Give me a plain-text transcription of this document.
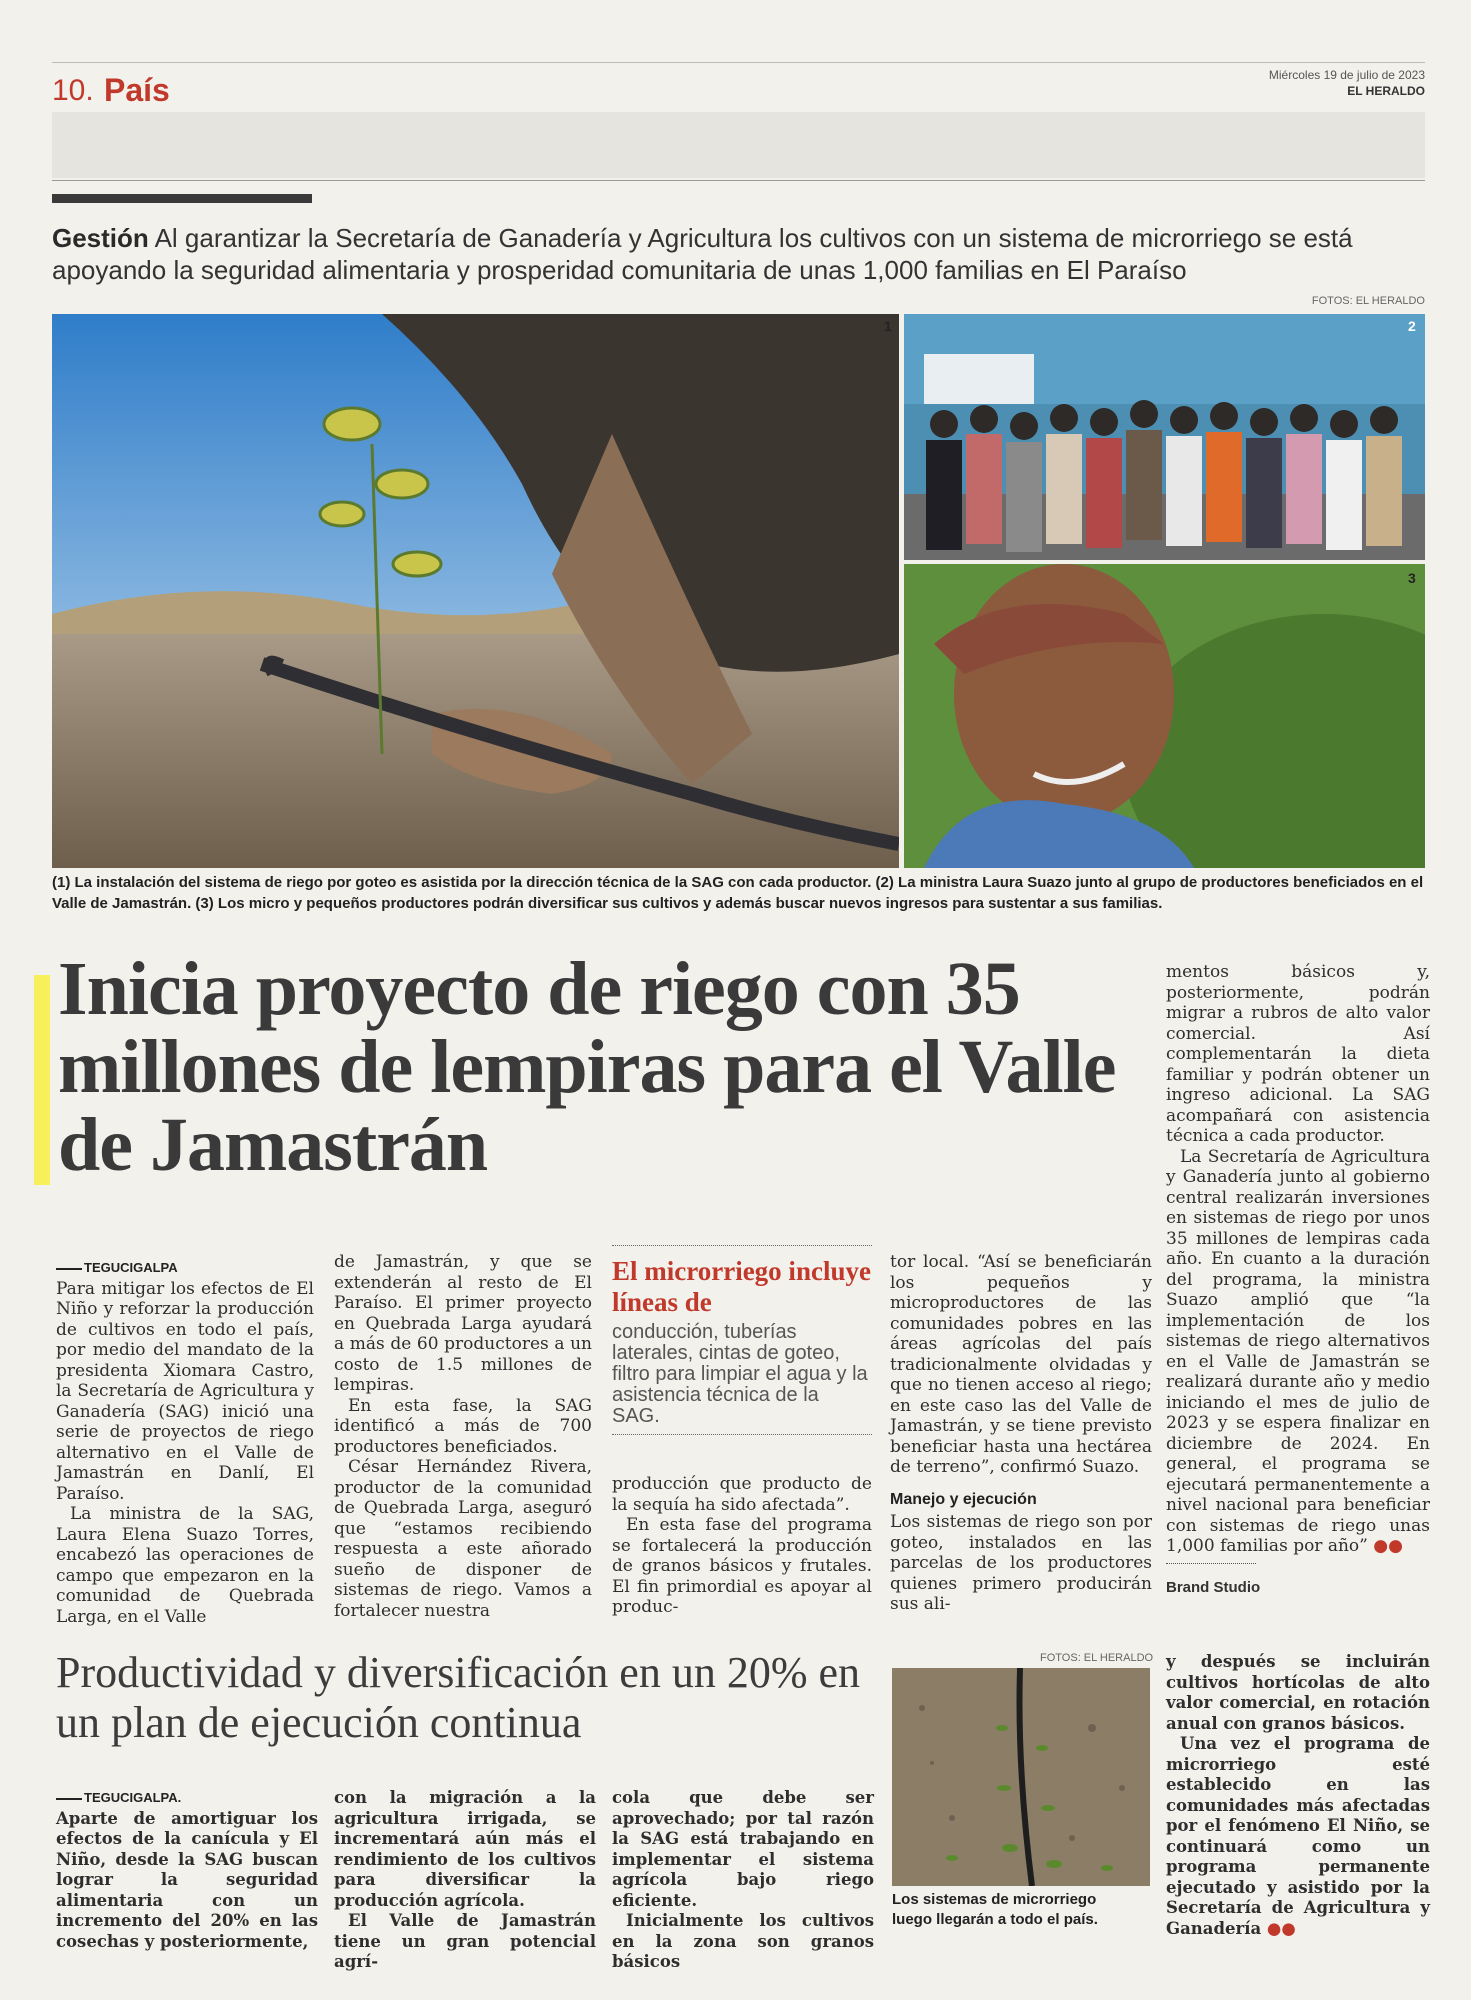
10. País	Miércoles 19 de julio de 2023
EL HERALDO
Gestión Al garantizar la Secretaría de Ganadería y Agricultura los cultivos con un sistema de microrriego se está apoyando la seguridad alimentaria y prosperidad comunitaria de unas 1,000 familias en El Paraíso
FOTOS: EL HERALDO
1	2
3
(1) La instalación del sistema de riego por goteo es asistida por la dirección técnica de la SAG con cada productor. (2) La ministra Laura Suazo junto al grupo de productores beneficiados en el Valle de Jamastrán. (3) Los micro y pequeños productores podrán diversificar sus cultivos y además buscar nuevos ingresos para sustentar a sus familias.
Inicia proyecto de riego con 35 millones de lempiras para el Valle de Jamastrán
TEGUCIGALPA

Para mitigar los efectos de El Niño y reforzar la producción de cultivos en todo el país, por medio del mandato de la presidenta Xiomara Castro, la Secretaría de Agricultura y Ganadería (SAG) inició una serie de proyectos de riego alternativo en el Valle de Jamastrán en Danlí, El Paraíso.

La ministra de la SAG, Laura Elena Suazo Torres, encabezó las operaciones de campo que empezaron en la comunidad de Quebrada Larga, en el Valle

de Jamastrán, y que se extenderán al resto de El Paraíso. El primer proyecto en Quebrada Larga ayudará a más de 60 productores a un costo de 1.5 millones de lempiras.

En esta fase, la SAG identificó a más de 700 productores beneficiados.

César Hernández Rivera, productor de la comunidad de Quebrada Larga, aseguró que “estamos recibiendo respuesta a este añorado sueño de disponer de sistemas de riego. Vamos a fortalecer nuestra

El microrriego incluye líneas de
conducción, tuberías laterales, cintas de goteo, filtro para limpiar el agua y la asistencia técnica de la SAG.

producción que producto de la sequía ha sido afectada”.

En esta fase del programa se fortalecerá la producción de granos básicos y frutales. El fin primordial es apoyar al produc-

tor local. “Así se beneficiarán los pequeños y microproductores de las comunidades pobres en las áreas agrícolas del país tradicionalmente olvidadas y que no tienen acceso al riego; en este caso las del Valle de Jamastrán, y se tiene previsto beneficiar hasta una hectárea de terreno”, confirmó Suazo.

Manejo y ejecución

Los sistemas de riego son por goteo, instalados en las parcelas de los productores quienes primero producirán sus ali-

mentos básicos y, posteriormente, podrán migrar a rubros de alto valor comercial. Así complementarán la dieta familiar y podrán obtener un ingreso adicional. La SAG acompañará con asistencia técnica a cada productor.

La Secretaría de Agricultura y Ganadería junto al gobierno central realizarán inversiones en sistemas de riego por unos 35 millones de lempiras cada año. En cuanto a la duración del programa, la ministra Suazo amplió que “la implementación de los sistemas de riego alternativos en el Valle de Jamastrán se realizará durante año y medio iniciando el mes de julio de 2023 y se espera finalizar en diciembre de 2024. En general, el programa se ejecutará permanentemente a nivel nacional para beneficiar con sistemas de riego unas 1,000 familias por año” ●●

Brand Studio
Productividad y diversificación en un 20% en un plan de ejecución continua
TEGUCIGALPA.

Aparte de amortiguar los efectos de la canícula y El Niño, desde la SAG buscan lograr la seguridad alimentaria con un incremento del 20% en las cosechas y posteriormente,

con la migración a la agricultura irrigada, se incrementará aún más el rendimiento de los cultivos para diversificar la producción agrícola.

El Valle de Jamastrán tiene un gran potencial agrí-

cola que debe ser aprovechado; por tal razón la SAG está trabajando en implementar el sistema agrícola bajo riego eficiente.

Inicialmente los cultivos en la zona son granos básicos

FOTOS: EL HERALDO
Los sistemas de microrriego luego llegarán a todo el país.

y después se incluirán cultivos hortícolas de alto valor comercial, en rotación anual con granos básicos.

Una vez el programa de microrriego esté establecido en las comunidades más afectadas por el fenómeno El Niño, se continuará como un programa permanente ejecutado y asistido por la Secretaría de Agricultura y Ganadería ●●
